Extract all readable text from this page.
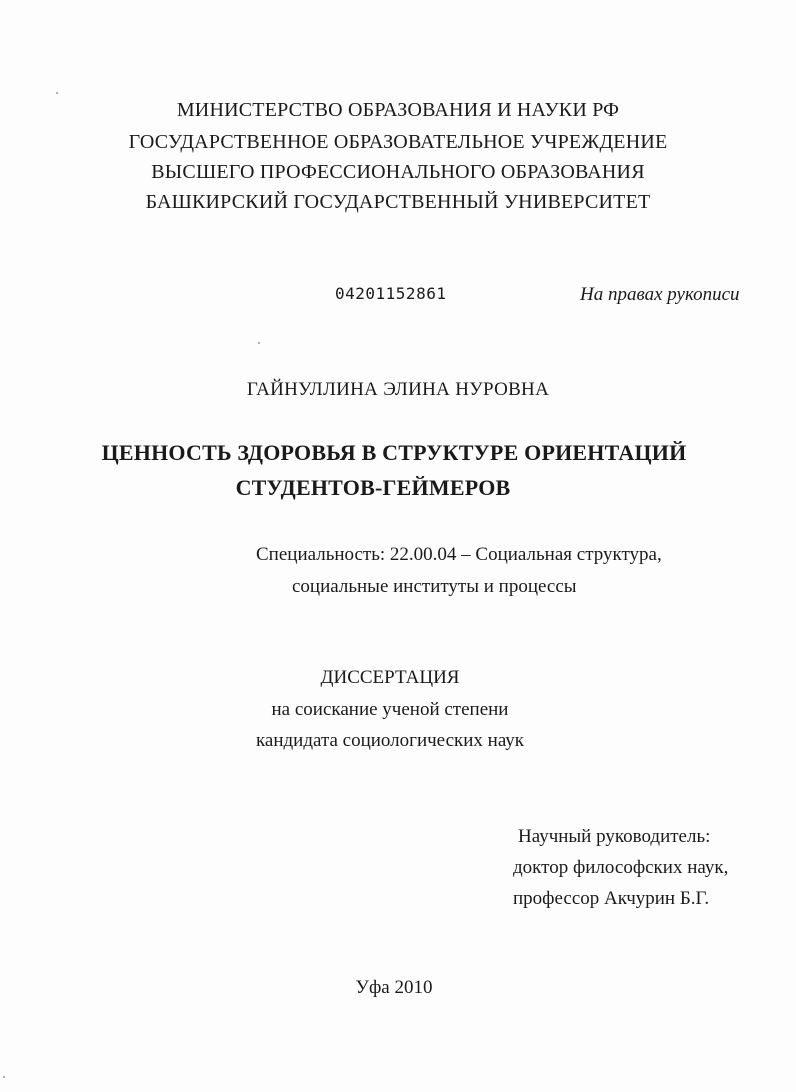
МИНИСТЕРСТВО ОБРАЗОВАНИЯ И НАУКИ РФ
ГОСУДАРСТВЕННОЕ ОБРАЗОВАТЕЛЬНОЕ УЧРЕЖДЕНИЕ
ВЫСШЕГО ПРОФЕССИОНАЛЬНОГО ОБРАЗОВАНИЯ
БАШКИРСКИЙ ГОСУДАРСТВЕННЫЙ УНИВЕРСИТЕТ
04201152861	На правах рукописи
ГАЙНУЛЛИНА ЭЛИНА НУРОВНА
ЦЕННОСТЬ ЗДОРОВЬЯ В СТРУКТУРЕ ОРИЕНТАЦИЙ
СТУДЕНТОВ-ГЕЙМЕРОВ
Специальность: 22.00.04 – Социальная структура,
социальные институты и процессы
ДИССЕРТАЦИЯ
на соискание ученой степени
кандидата социологических наук
Научный руководитель:
доктор философских наук,
профессор Акчурин Б.Г.
Уфа 2010
